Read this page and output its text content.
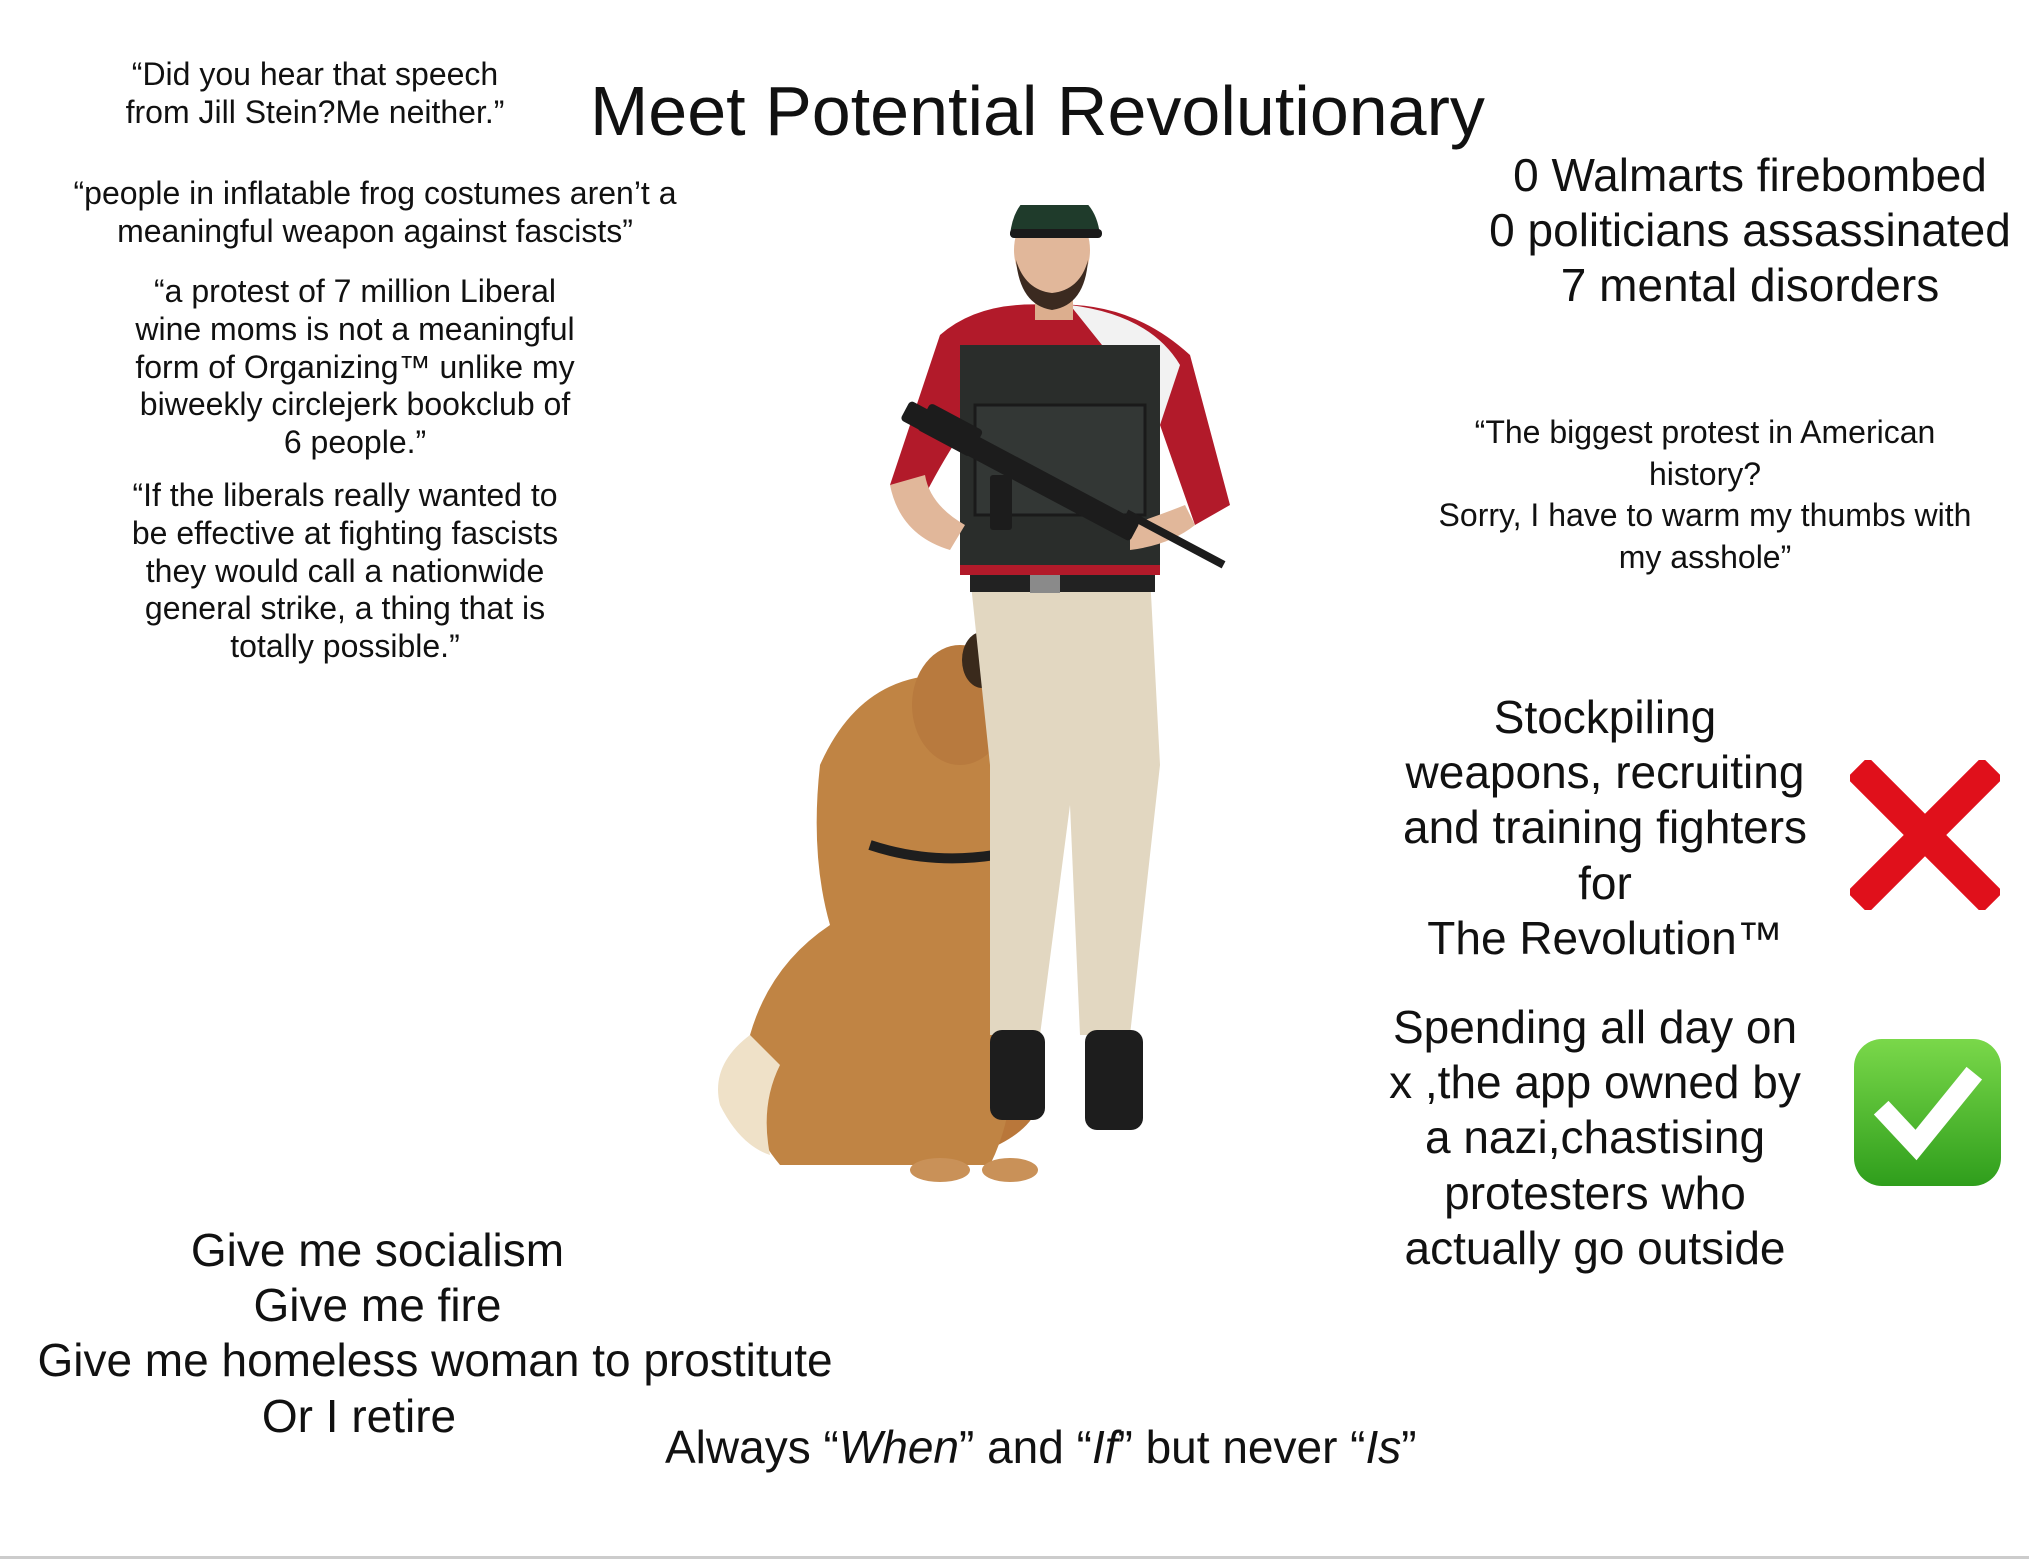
Meet Potential Revolutionary
“Did you hear that speech
from Jill Stein?Me neither.”
“people in inflatable frog costumes aren’t a
meaningful weapon against fascists”
“a protest of 7 million Liberal
wine moms is not a meaningful
form of Organizing™ unlike my
biweekly circlejerk bookclub of
6 people.”
“If the liberals really wanted to
be effective at fighting fascists
they would call a nationwide
general strike, a thing that is
totally possible.”
0 Walmarts firebombed
0 politicians assassinated
7 mental disorders
“The biggest protest in American
history?
Sorry, I have to warm my thumbs with
my asshole”
Stockpiling
weapons, recruiting
and training fighters
for
The Revolution™
Spending all day on
x ,the app owned by
a nazi,chastising
protesters who
actually go outside
Give me socialism
Give me fire
Give me homeless woman to prostitute
Or I retire
Always “When” and “If” but never “Is”
